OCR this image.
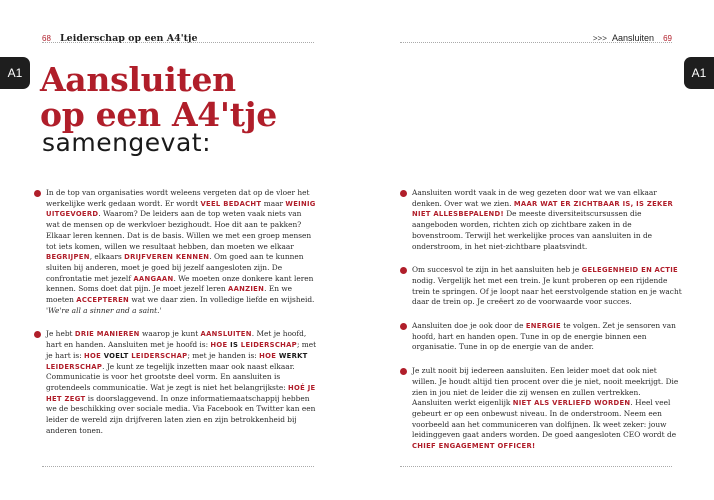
68 Leiderschap op een A4'tje
A1 Aansluiten
op een A4'tje
samengevat:
In de top van organisaties wordt weleens vergeten dat op de vloer het werkelijke werk gedaan wordt. Er wordt VEEL BEDACHT maar WEINIG UITGEVOERD. Waarom? De leiders aan de top weten vaak niets van wat de mensen op de werkvloer bezighoudt. Hoe dit aan te pakken? Elkaar leren kennen. Dat is de basis. Willen we met een groep mensen tot iets komen, willen we resultaat hebben, dan moeten we elkaar BEGRIJPEN, elkaars DRIJFVEREN KENNEN. Om goed aan te kunnen sluiten bij anderen, moet je goed bij jezelf aangesloten zijn. De confrontatie met jezelf AANGAAN. We moeten onze donkere kant leren kennen. Soms doet dat pijn. Je moet jezelf leren AANZIEN. En we moeten ACCEPTEREN wat we daar zien. In volledige liefde en wijsheid. 'We're all a sinner and a saint.'
Je hebt DRIE MANIEREN waarop je kunt AANSLUITEN. Met je hoofd, hart en handen. Aansluiten met je hoofd is: HOE IS LEIDERSCHAP; met je hart is: HOE VOELT LEIDERSCHAP; met je handen is: HOE WERKT LEIDERSCHAP. Je kunt ze tegelijk inzetten maar ook naast elkaar. Communicatie is voor het grootste deel vorm. En aansluiten is grotendeels communicatie. Wat je zegt is niet het belangrijkste: HOÉ JE HET ZEGT is doorslaggevend. In onze informatiemaatschappij hebben we de beschikking over sociale media. Via Facebook en Twitter kan een leider de wereld zijn drijfveren laten zien en zijn betrokkenheid bij anderen tonen.
>>> Aansluiten 69
A1
Aansluiten wordt vaak in de weg gezeten door wat we van elkaar denken. Over wat we zien. MAAR WAT ER ZICHTBAAR IS, IS ZEKER NIET ALLESBEPALEND! De meeste diversiteitscursussen die aangeboden worden, richten zich op zichtbare zaken in de bovenstroom. Terwijl het werkelijke proces van aansluiten in de onderstroom, in het niet-zichtbare plaatsvindt.
Om succesvol te zijn in het aansluiten heb je GELEGENHEID EN ACTIE nodig. Vergelijk het met een trein. Je kunt proberen op een rijdende trein te springen. Of je loopt naar het eerstvolgende station en je wacht daar de trein op. Je creëert zo de voorwaarde voor succes.
Aansluiten doe je ook door de ENERGIE te volgen. Zet je sensoren van hoofd, hart en handen open. Tune in op de energie binnen een organisatie. Tune in op de energie van de ander.
Je zult nooit bij iedereen aansluiten. Een leider moet dat ook niet willen. Je houdt altijd tien procent over die je niet, nooit meekrijgt. Die zien in jou niet de leider die zij wensen en zullen vertrekken. Aansluiten werkt eigenlijk NIET ALS VERLIEFD WORDEN. Heel veel gebeurt er op een onbewust niveau. In de onderstroom. Neem een voorbeeld aan het communiceren van dolfijnen. Ik weet zeker: jouw leidinggeven gaat anders worden. De goed aangesloten CEO wordt de CHIEF ENGAGEMENT OFFICER!
